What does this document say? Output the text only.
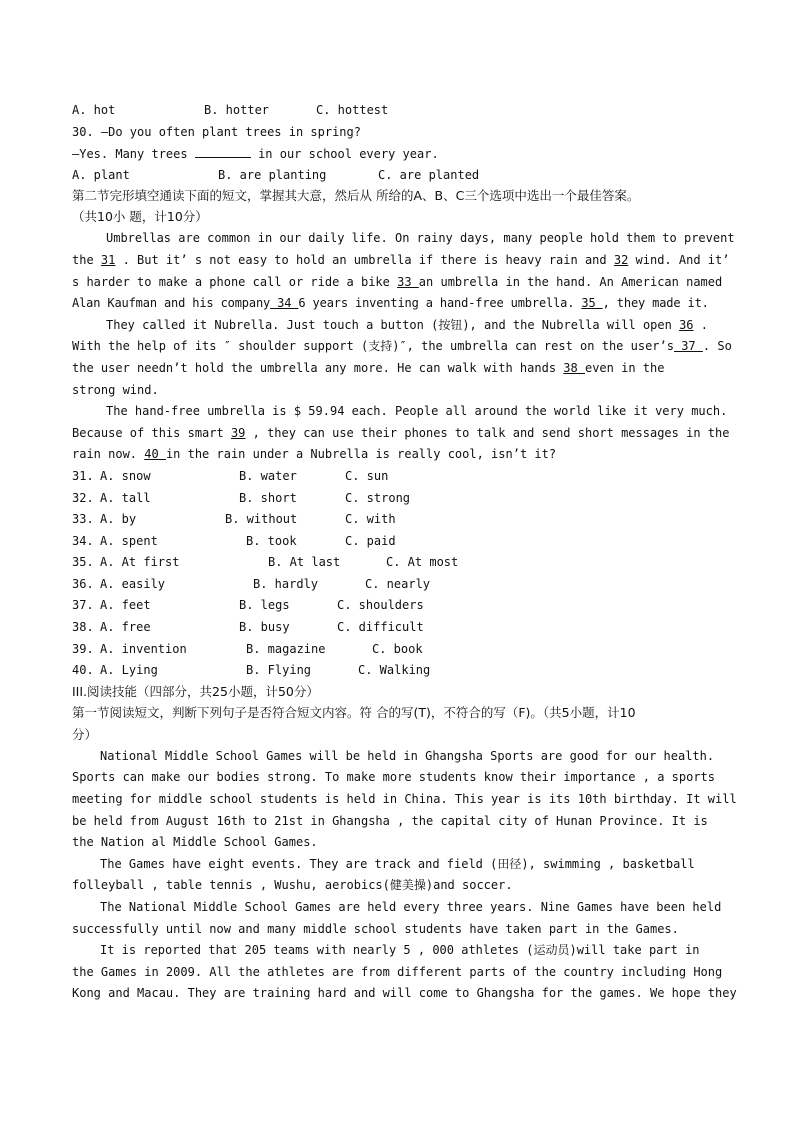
A. hot	B. hotter	C. hottest
30. —Do you often plant trees in spring?
—Yes. Many trees	in our school every year.
A. plant	B. are planting	C. are planted
第二节完形填空通读下面的短文，掌握其大意，然后从 所给的A、B、C三个选项中选出一个最佳答案。
（共10小 题，计10分）
Umbrellas are common in our daily life. On rainy days, many people hold them to prevent
the 31 . But it’ s not easy to hold an umbrella if there is heavy rain and 32 wind. And it’
s harder to make a phone call or ride a bike 33 an umbrella in the hand. An American named
Alan Kaufman and his company 34 6 years inventing a hand-free umbrella. 35 , they made it.
They called it Nubrella. Just touch a button (按钮), and the Nubrella will open 36 .
With the help of its ″ shoulder support (支持)″, the umbrella can rest on the user’s 37 . So
the user needn’t hold the umbrella any more. He can walk with hands 38 even in the
strong wind.
The hand-free umbrella is $ 59.94 each. People all around the world like it very much.
Because of this smart 39 , they can use their phones to talk and send short messages in the
rain now. 40 in the rain under a Nubrella is really cool, isn’t it?
31. A. snow	B. water	C. sun
32. A. tall	B. short	C. strong
33. A. by	B. without	C. with
34. A. spent	B. took	C. paid
35. A. At first	B. At last	C. At most
36. A. easily	B. hardly	C. nearly
37. A. feet	B. legs	C. shoulders
38. A. free	B. busy	C. difficult
39. A. invention	B. magazine	C. book
40. A. Lying	B. Flying	C. Walking
III.阅读技能（四部分，共25小题，计50分）
第一节阅读短文，判断下列句子是否符合短文内容。符 合的写(T)，不符合的写（F)。（共5小题，计10
分）
National Middle School Games will be held in Ghangsha Sports are good for our health.
Sports can make our bodies strong. To make more students know their importance , a sports
meeting for middle school students is held in China. This year is its 10th birthday. It will
be held from August 16th to 21st in Ghangsha , the capital city of Hunan Province. It is
the Nation al Middle School Games.
The Games have eight events. They are track and field (田径), swimming , basketball
folleyball , table tennis , Wushu, aerobics(健美操)and soccer.
The National Middle School Games are held every three years. Nine Games have been held
successfully until now and many middle school students have taken part in the Games.
It is reported that 205 teams with nearly 5 , 000 athletes (运动员)will take part in
the Games in 2009. All the athletes are from different parts of the country including Hong
Kong and Macau. They are training hard and will come to Ghangsha for the games. We hope they
